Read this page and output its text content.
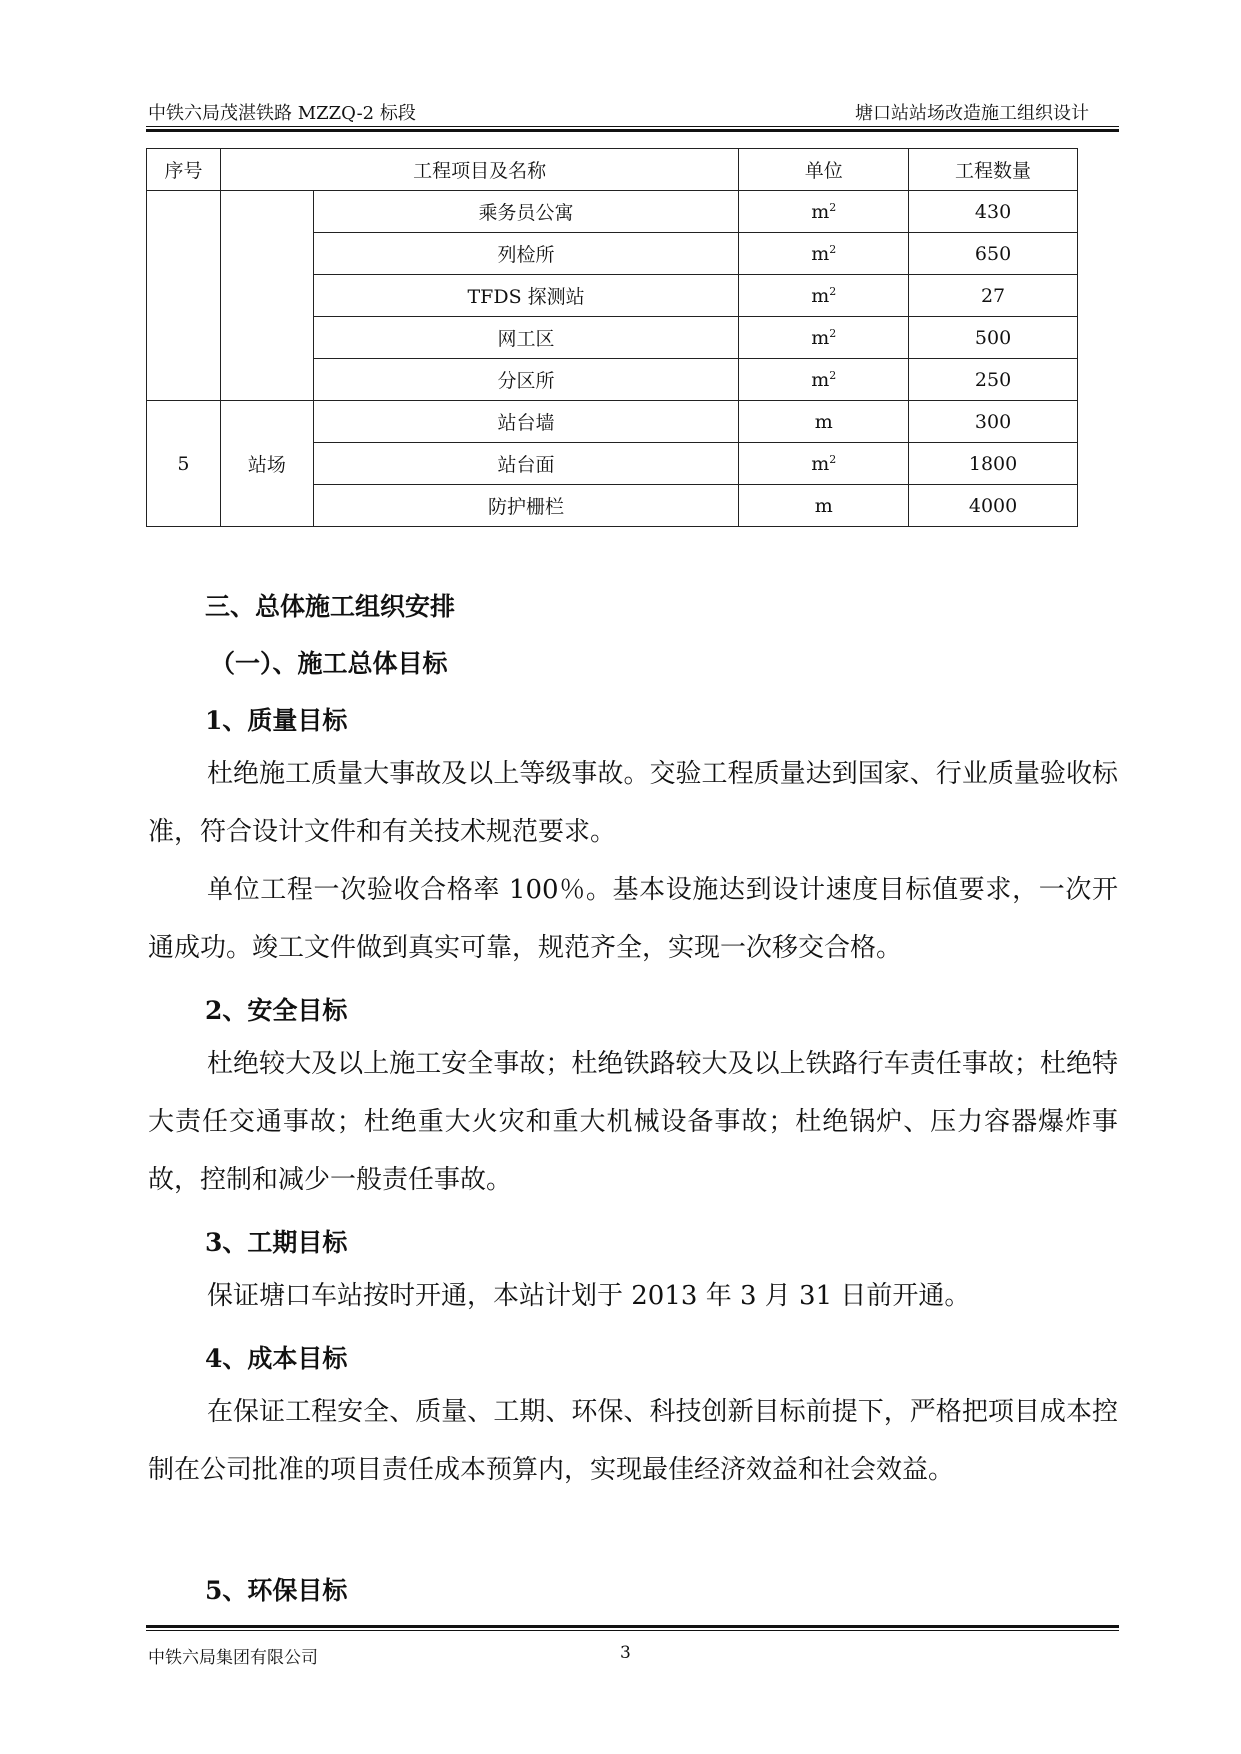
中铁六局茂湛铁路 MZZQ-2 标段	塘口站站场改造施工组织设计
序号	工程项目及名称		单位	工程数量
		乘务员公寓	$m^2$	430
		列检所	$m^2$	650
		TFDS 探测站	$m^2$	27
		网工区	$m^2$	500
		分区所	$m^2$	250
5	站场	站台墙	m	300
		站台面	$m^2$	1800
		防护栅栏	m	4000
三、总体施工组织安排
（一）、施工总体目标
1、质量目标
杜绝施工质量大事故及以上等级事故。交验工程质量达到国家、行业质量验收标准，符合设计文件和有关技术规范要求。
单位工程一次验收合格率 100％。基本设施达到设计速度目标值要求，一次开通成功。竣工文件做到真实可靠，规范齐全，实现一次移交合格。
2、安全目标
杜绝较大及以上施工安全事故；杜绝铁路较大及以上铁路行车责任事故；杜绝特大责任交通事故；杜绝重大火灾和重大机械设备事故；杜绝锅炉、压力容器爆炸事故，控制和减少一般责任事故。
3、工期目标
保证塘口车站按时开通，本站计划于 2013 年 3 月 31 日前开通。
4、成本目标
在保证工程安全、质量、工期、环保、科技创新目标前提下，严格把项目成本控制在公司批准的项目责任成本预算内，实现最佳经济效益和社会效益。
5、环保目标
中铁六局集团有限公司	3
